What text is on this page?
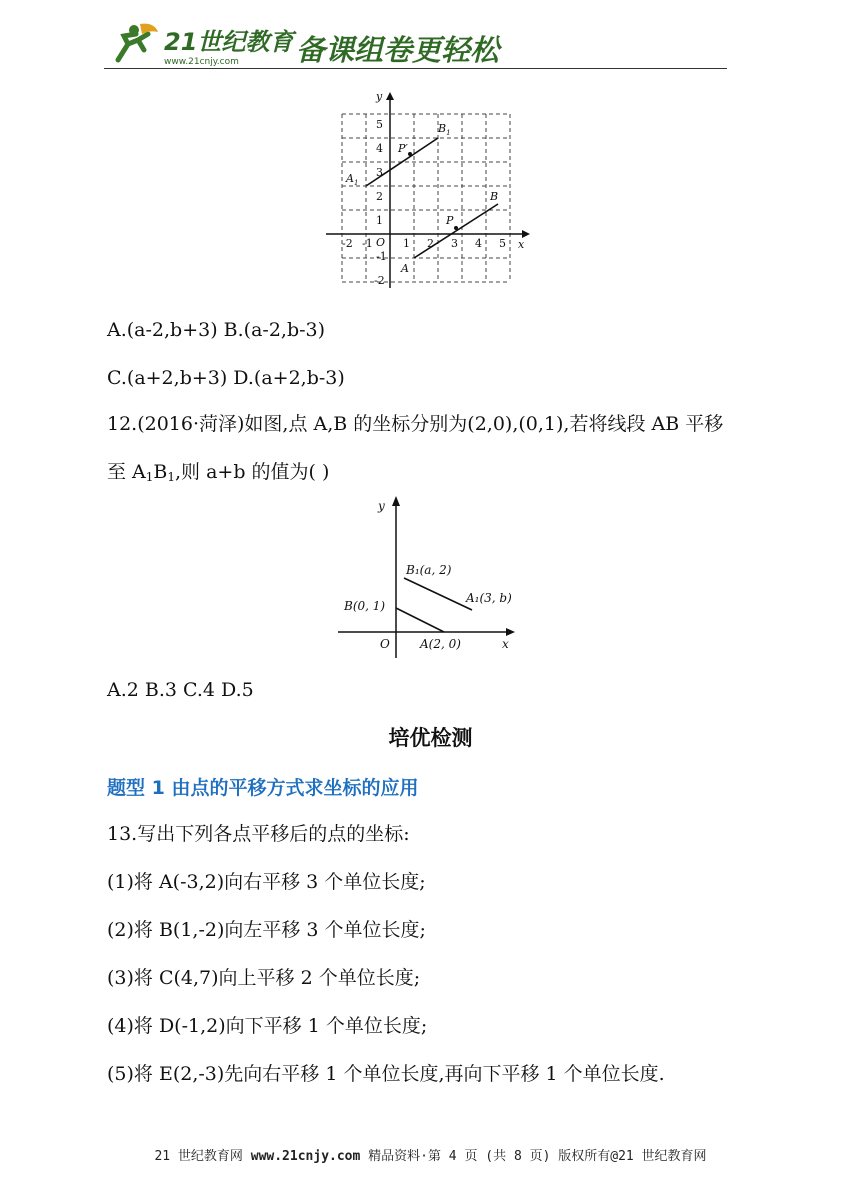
21世纪教育
www.21cnjy.com 备课组卷更轻松
y
x
O
-2 -1	1 2 3 4 5
5
4
3
2
1
-1
-2
$A_1$
$B_1$
P′
A
B
P
A.(a-2,b+3) B.(a-2,b-3)
C.(a+2,b+3) D.(a+2,b-3)
12.(2016·菏泽)如图,点 A,B 的坐标分别为(2,0),(0,1),若将线段 AB 平移
至 $A_1B_1$,则 a+b 的值为( )
y
x
O
B(0, 1)
A(2, 0)
B₁(a, 2)
A₁(3, b)
A.2 B.3 C.4 D.5
培优检测
题型 1 由点的平移方式求坐标的应用
13.写出下列各点平移后的点的坐标:
(1)将 A(-3,2)向右平移 3 个单位长度;
(2)将 B(1,-2)向左平移 3 个单位长度;
(3)将 C(4,7)向上平移 2 个单位长度;
(4)将 D(-1,2)向下平移 1 个单位长度;
(5)将 E(2,-3)先向右平移 1 个单位长度,再向下平移 1 个单位长度.
21 世纪教育网 www.21cnjy.com 精品资料·第 4 页 (共 8 页) 版权所有@21 世纪教育网
